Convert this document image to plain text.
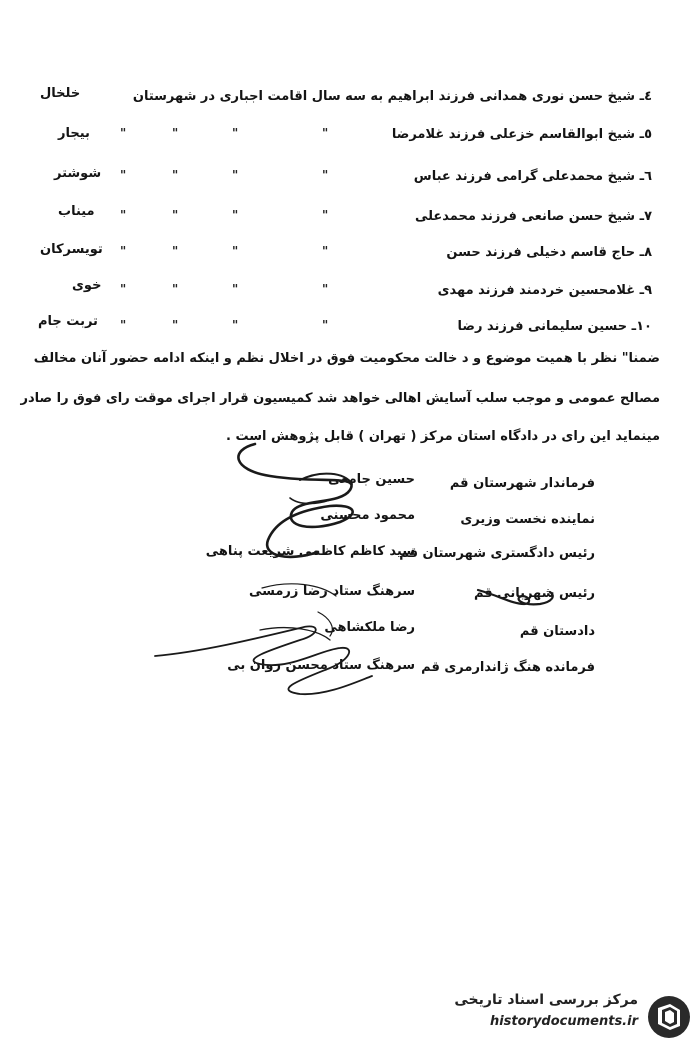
٤ـ شیخ حسن نوری همدانی فرزند ابراهیم به سه سال اقامت اجباری در شهرستان
خلخال
٥ـ شیخ ابوالقاسم خزعلی فرزند غلامرضا
"
"
"
"
بیجار
٦ـ شیخ محمدعلی گرامی فرزند عباس
"
"
"
"
شوشتر
٧ـ شیخ حسن صانعی فرزند محمدعلی
"
"
"
"
میناب
٨ـ حاج قاسم دخیلی فرزند حسن
"
"
"
"
تویسرکان
٩ـ غلامحسین خردمند فرزند مهدی
"
"
"
"
خوی
١٠ـ حسین سلیمانی فرزند رضا
"
"
"
"
تربت جام
ضمنا" نظر با همیت موضوع و د خالت محکومیت فوق در اخلال نظم و اینکه ادامه حضور آنان مخالف
مصالح عمومی و موجب سلب آسایش اهالی خواهد شد کمیسیون قرار اجرای موقت رای فوق را صادر
مینماید این رای در دادگاه استان مرکز ( تهران ) قابل پژوهش است .
فرماندار شهرستان قم
حسین جامعی
نماینده نخست وزیری
محمود محسنی
رئیس دادگستری شهرستان قم
سید کاظم کاظمی شریعت پناهی
رئیس شهربانی قم
سرهنگ ستاد رضا زرمسی
دادستان قم
رضا ملکشاهی
فرمانده هنگ ژاندارمری قم
سرهنگ ستاد محسن روان بی
مرکز بررسی اسناد تاریخی
historydocuments.ir
